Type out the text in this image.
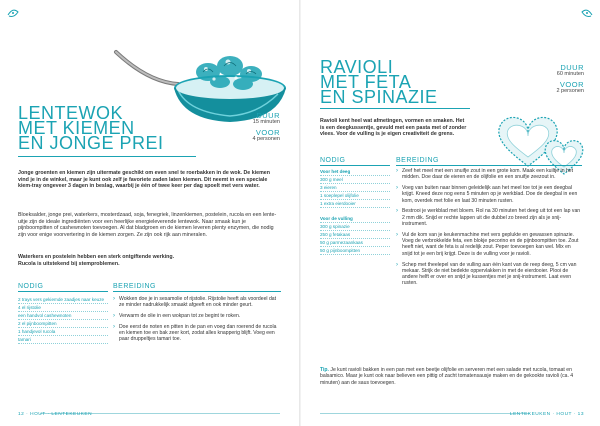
LENTEWOK
MET KIEMEN
EN JONGE PREI
DUUR
15 minuten
VOOR
4 personen

Jonge groenten en kiemen zijn uitermate geschikt om even snel te roerbakken in de wok. De kiemen vind je in de winkel, maar je kunt ook zelf je favoriete zaden laten kiemen. Dit neemt in een speciale kiem-tray ongeveer 3 dagen in beslag, waarbij je één of twee keer per dag spoelt met vers water.

Bloeksalder, jonge prei, waterkers, mosterdzaad, soja, fenegriek, linzenkiemen, postelein, rucola en een lente-uitje zijn de ideale ingrediënten voor een heerlijke energieleverende lentewok. Naar smaak kun je pijnboompitten of cashewnoten toevoegen. Al dat bladgroen en de kiemen leveren plenty enzymen, die nodig zijn voor enige voorvertering in de kiemen zorgen. Ze zijn ook rijk aan mineralen.

Waterkers en postelein hebben een sterk ontgiftende werking.

Rucola is uitstekend bij stemproblemen.

NODIG
2 trays vers gekiemde zaadjes naar keuze
4 el rijstolie
een handvol cashewnoten
2 el pijnboompitten
1 handjevol rucola
tamari
BEREIDING
› Wokken doe je in sesamolie of rijstolie. Rijstolie heeft als voordeel dat ze minder nadrukkelijk smaakt afgeeft en ook minder geurt.
› Verwarm de olie in een wokpan tot ze begint te roken.
› Doe eerst de noten en pitten in de pan en voeg dan roerend de rucola en kiemen toe en bak zeer kort, zodat alles knapperig blijft. Voeg een paar druppeltjes tamari toe.
12 · HOUT · LENTEKEUKEN
RAVIOLI
MET FETA
EN SPINAZIE
DUUR
60 minuten
VOOR
2 personen

Ravioli kent heel wat afmetingen, vormen en smaken. Het is een deegkussentje, gevuld met een pasta met of zonder vlees. Voor de vulling is je eigen creativiteit de grens.

NODIG
Voor het deeg
300 g meel
3 eieren
1 soeplepel olijfolie
1 extra eierdooier
Voor de vulling
300 g spinazie
250 g fetakaas
50 g parmezaankaas
50 g pijnboompitten
BEREIDING
› Zeef het meel met een snuifje zout in een grote kom. Maak een kuiltje in het midden. Doe daar de eieren en de olijfolie en een snuifje zeezout in.
› Voeg van buiten naar binnen geleidelijk aan het meel toe tot je een deegbal krijgt. Kneed deze nog eens 5 minuten op je werkblad. Doe de deegbal in een kom, overdek met folie en laat 30 minuten rusten.
› Bestrooi je werkblad met bloem. Rol na 30 minuten het deeg uit tot een lap van 2 mm dik. Snijd er rechte lappen uit die dubbel zo breed zijn als je snij-instrument.
› Vul de kom van je keukenmachine met vers geplukte en gewassen spinazie. Voeg de verbrokkelde feta, een blokje pecorino en de pijnboompitten toe. Zout heeft niet, want de feta is al redelijk zout. Peper toevoegen kan wel. Mix en snijd tot je een brij krijgt. Deze is de vulling voor je ravioli.
› Schep met theelepel van de vulling aan één kant van de reep deeg, 5 cm van mekaar. Strijk de niet bedekte oppervlakken in met de eierdooier. Plooi de andere helft er over en snijd je kussentjes met je snij-instrument. Laat even rusten.

Tip. Je kunt ravioli bakken in een pan met een beetje olijfolie en serveren met een salade met rucola, tomaat en balsamico. Maar je kunt ook naar believen een pittig of zacht tomatensausje maken en de gekookte ravioli (ca. 4 minuten) aan de saus toevoegen.

LENTEKEUKEN · HOUT · 13
